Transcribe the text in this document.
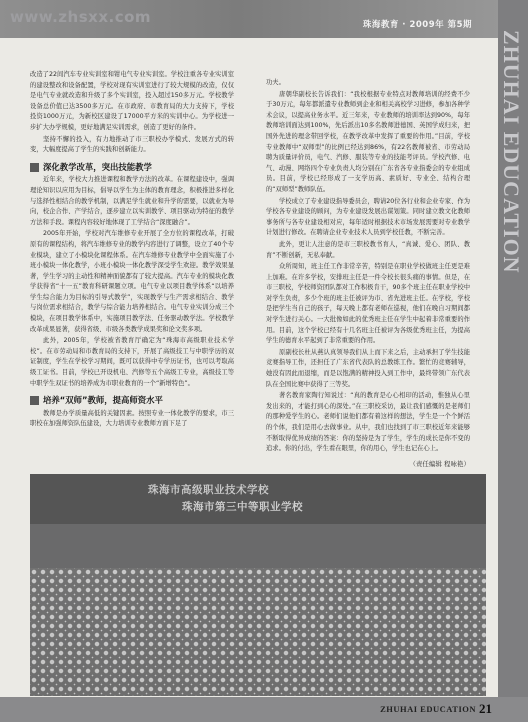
www.zhsxx.com	珠海教育 · 2009年 第5期
ZHUHAI EDUCATION

改造了22间汽车专业实训室和钳电气专业实训室。学校注重各专业实训室的建设整改和设备配置，学校对现有实训室进行了较大规模的改造，仅仅是电气专业就改造和升级了多个实训室，投入超过150多万元。学校教学设备总价值已达3500多万元。在市政府、市教育局的大力支持下，学校投资1000万元，为新校区建设了17000平方米的实训中心。为学校进一步扩大办学规模，更好地满足实训需求，创造了更好的条件。

坚持不懈的投入，有力地推动了市三职校办学模式、发展方式的转变，大幅度提高了学生的实践和创新能力。

深化教学改革，突出技能教学

近年来，学校大力推进课程和教学方法的改革。在课程建设中，强调理论知识以应用为目标，倡导以学生为主体的教育理念，积极推进多样化与选择性相结合的教学机制，以满足学生就业和升学的需要，以就业为导向，校企合作、产学结合，逐步建立以实训教学、项目驱动为特征的教学方法和手段。课程内容较好地体现了工学结合“深度融合”。

2005年开始，学校对汽车维修专业开展了全方位的课程改革，打破原有的课程结构，将汽车维修专业的教学内容进行了调整，设立了40个专业模块，建立了小模块化课程体系。在汽车维修专业教学中全面实施了小班小模块一体化教学，小班小模块一体化教学深受学生欢迎。教学效果显著，学生学习的主动性和精神面貌都有了较大提高。汽车专业的模块化教学获得省“十一五”教育科研课题立项。电气专业以项目教学体系“以培养学生综合能力为目标的引导式教学”，实现教学与生产需求相结合、教学与岗位需求相结合，教学与综合能力培养相结合。电气专业实训分成三个模块，在项目教学体系中，实施项目教学法、任务驱动教学法。学校教学改革成果显著，获得省级、市级各类教学成果奖和论文奖多项。

此外，2005年，学校被省教育厅确定为“珠海市高级职业技术学校”。在市劳动局和市教育局的支持下，开展了高级技工与中职学历的双证制度，学生在学校学习期间，既可以获得中专学历证书，也可以考取高级工证书。目前，学校已开设机电、汽修等五个高级工专业，高级技工等中职学生双证书的培养成为市职业教育的一个“新增特色”。

培养“双师”教师，提高师资水平

教师是办学质量高低的关键因素。按照专业一体化教学的要求，市三职校在加强师资队伍建设，大力培训专业教师方面下足了

功夫。

唐朝华副校长告诉我们：“我校根据专业特点对教师培训的经费不少于30万元，每年都派遣专业教师到企业和相关高校学习进修，参加各种学术会议，以提高业务水平。近三年来，专业教师的培训率达到90%，每年教师培训面达到100%，先后派出10多名教师进德国、英国学成归来，把国外先进的理念带回学校，在教学改革中发挥了重要的作用。”目前，学校专业教师中“双师型”的比例已经达到86%，有22名教师被省、市劳动局聘为质量评价员，电气、汽修、服装等专业的技能考评员。学校汽修、电气、动漫、网络四个专业负责人均分别在广东省各专业指委会的专业组成员。目前，学校已经形成了一支学历高、素质好、专业全、结构合理的“双师型”教师队伍。

学校成立了专业建设指导委员会，聘请20位各行业和企业专家、作为学校各专业建设的顾问，为专业建设发展出谋划策。同时建立教文化教师事务所与各专业建设相对应，每年适时根据技术市场发展需要对专业教学计划进行修改。在聘请企业专业技术人员到学校任教，不断完善。

此外，更让人注意的是市三职校教书育人，“真诚、爱心、团队、教育”不断创新，无私奉献。

众所周知，班主任工作非常辛苦，特别是在职业学校做班主任更是难上加难。在许多学校，安排班主任是一件令校长很头痛的事情。但是，在市三职校，学校师资团队都对工作积极肯干，90多个班主任在职业学校中对学生负责，多少个班的班主任被评为市、省先进班主任。在学校，学校是把学生当自己的孩子，每天晚上都有老师在巡视，他们在晚自习期间都对学生进行关心。一大批像如此的优秀班主任在学生中起着非常重要的作用。目前，这个学校已经有十几名班主任被评为各级优秀班主任，为提高学生的德育水平起到了非常重要的作用。

原副校长杜从燕认真领导我们从上而下来之后，主动承担了学生技能竞赛指导工作，还担任了广东省代表队的总教练工作。繁忙的竞赛辅导，她没有因此而退缩，而是以饱满的精神投入到工作中，最终带领广东代表队在全国比赛中获得了三等奖。

著名教育家陶行知说过：“真的教育是心心相印的活动，惟独从心里发出来的，才能打到心的深处。”在三职校采访，最让我们感慨的是老师们的那种爱学生的心。老师们说他们都有着这样的想法，学生是一个个鲜活的个体，我们是用心去做事业。从中，我们也找到了市三职校近年来能够不断取得优异成绩的答案：你的坚持是为了学生，学生的成长是你不变的追求。你的付出，学生看在眼里，你的用心，学生也记在心上。

（责任编辑 程咏艳）
珠海市高级职业技术学校
珠海市第三中等职业学校
ZHUHAI EDUCATION 21
